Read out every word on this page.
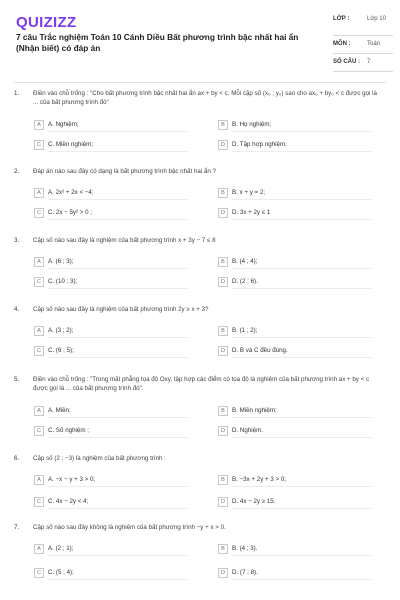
QUIZIZZ
7 câu Trắc nghiệm Toán 10 Cánh Diều Bất phương trình bậc nhất hai ẩn (Nhận biết) có đáp án
LỚP :	Lớp 10
MÔN :	Toán
SỐ CÂU : 7
1. Điền vào chỗ trống : "Cho bất phương trình bậc nhất hai ẩn ax + by < c. Mỗi cặp số (x₀ ; y₀) sao cho ax₀ + by₀ < c được gọi là ... của bất phương trình đó"
A	A. Nghiệm;	B	B. Họ nghiệm;
C	C. Miền nghiệm;	D	D. Tập hợp nghiệm.
2. Đáp án nào sau đây có dạng là bất phương trình bậc nhất hai ẩn ?
A	A. 2x² + 2x < −4;	B	B. x + y = 2;
C	C. 2x − 5y² > 0 ;	D	D. 3x + 2y ≤ 1
3. Cặp số nào sau đây là nghiệm của bất phương trình x + 3y − 7 ≤ 8
A	A. (6 ; 3);	B	B. (4 ; 4);
C	C. (10 ; 3);	D	D. (2 ; 6).
4. Cặp số nào sau đây là nghiệm của bất phương trình 2y ≥ x + 3?
A	A. (3 ; 2);	B	B. (1 ; 2);
C	C. (6 ; 5);	D	D. B và C đều đúng.
5. Điền vào chỗ trống : "Trong mặt phẳng tọa độ Oxy, tập hợp các điểm có tọa độ là nghiệm của bất phương trình ax + by < c được gọi là ... của bất phương trình đó".
A	A. Miền;	B	B. Miền nghiệm;
C	C. Số nghiệm ;	D	D. Nghiệm.
6. Cặp số (2 ; −3) là nghiệm của bất phương trình :
A	A. −x − y + 3 > 0;	B	B. −3x + 2y + 3 > 0;
C	C. 4x − 2y < 4;	D	D. 4x − 2y ≥ 15.
7. Cặp số nào sau đây không là nghiệm của bất phương trình −y + x > 0.
A	A. (2 ; 1);	B	B. (4 ; 3).
C	C. (5 ; 4);	D	D. (7 ; 8).
